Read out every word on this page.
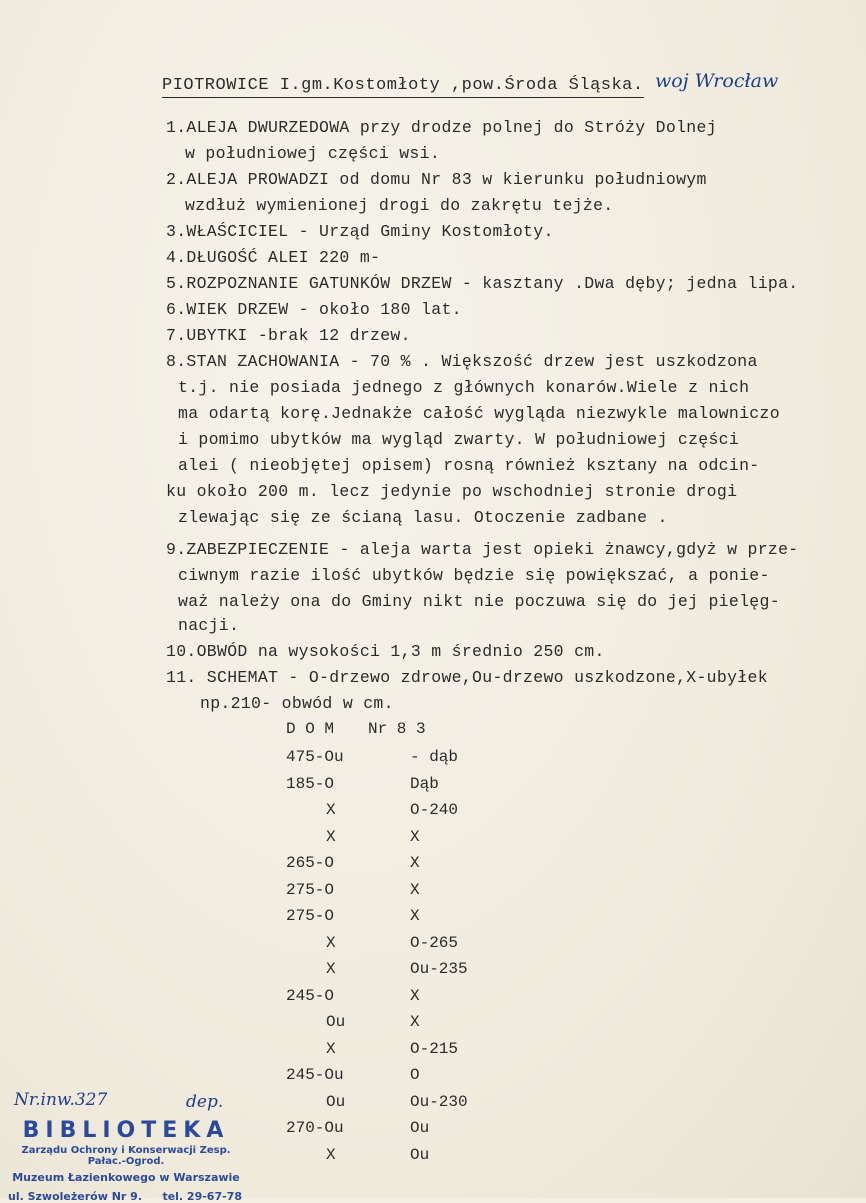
PIOTROWICE I.gm.Kostomłoty ,pow.Środa Śląska. woj Wrocław
1.ALEJA DWURZEDOWA przy drodze polnej do Stróży Dolnej
w południowej części wsi.
2.ALEJA PROWADZI od domu Nr 83 w kierunku południowym
wzdłuż wymienionej drogi do zakrętu tejże.
3.WŁAŚCICIEL - Urząd Gminy Kostomłoty.
4.DŁUGOŚĆ ALEI 220 m-
5.ROZPOZNANIE GATUNKÓW DRZEW - kasztany .Dwa dęby; jedna lipa.
6.WIEK DRZEW - około 180 lat.
7.UBYTKI -brak 12 drzew.
8.STAN ZACHOWANIA - 70 % . Większość drzew jest uszkodzona
t.j. nie posiada jednego z głównych konarów.Wiele z nich
ma odartą korę.Jednakże całość wygląda niezwykle malowniczo
i pomimo ubytków ma wygląd zwarty. W południowej części
alei ( nieobjętej opisem) rosną również ksztany na odcin-
ku około 200 m. lecz jedynie po wschodniej stronie drogi
zlewając się ze ścianą lasu. Otoczenie zadbane .
9.ZABEZPIECZENIE - aleja warta jest opieki żnawcy,gdyż w prze-
ciwnym razie ilość ubytków będzie się powiększać, a ponie-
waż należy ona do Gminy nikt nie poczuwa się do jej pielęg-
nacji.
10.OBWÓD na wysokości 1,3 m średnio 250 cm.
11. SCHEMAT - O-drzewo zdrowe,Ou-drzewo uszkodzone,X-ubyłek
np.210- obwód w cm.
D O M Nr 8 3
475-Ou	- dąb
185-O	Dąb
X	O-240
X	X
265-O	X
275-O	X
275-O	X
X	O-265
X	Ou-235
245-O	X
Ou	X
X	O-215
245-Ou	O
Ou	Ou-230
270-Ou	Ou
X	Ou
Nr.inw.327	dep.
BIBLIOTEKA
Zarządu Ochrony i Konserwacji Zesp. Pałac.-Ogrod.
Muzeum Łazienkowego w Warszawie
ul. Szwoleżerów Nr 9. tel. 29-67-78
